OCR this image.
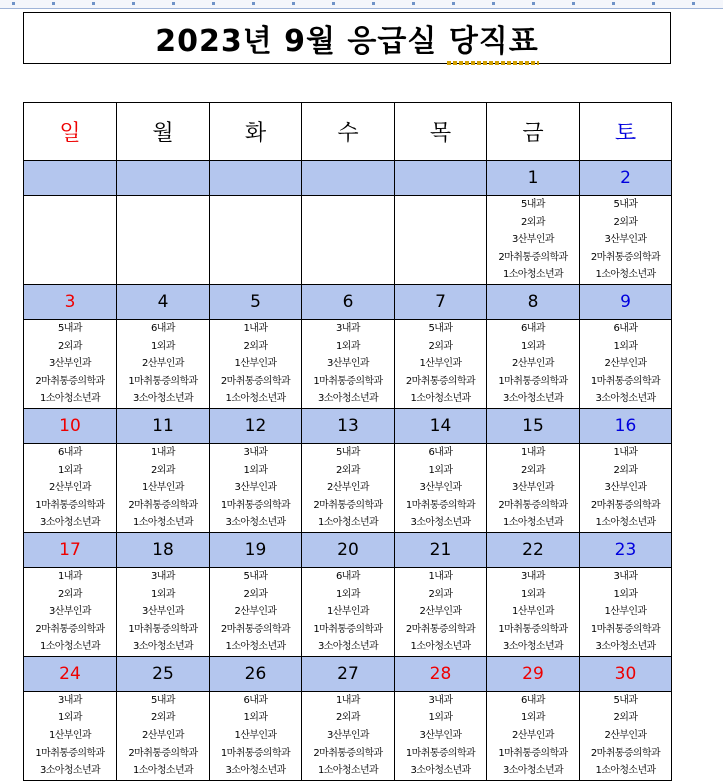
2023년 9월 응급실 당직표
일	월	화	수	목	금	토
					1	2

					5내과
2외과
3산부인과
2마취통증의학과
1소아청소년과	5내과
2외과
3산부인과
2마취통증의학과
1소아청소년과

3	4	5	6	7	8	9

5내과
2외과
3산부인과
2마취통증의학과
1소아청소년과	6내과
1외과
2산부인과
1마취통증의학과
3소아청소년과	1내과
2외과
1산부인과
2마취통증의학과
1소아청소년과	3내과
1외과
3산부인과
1마취통증의학과
3소아청소년과	5내과
2외과
1산부인과
2마취통증의학과
1소아청소년과	6내과
1외과
2산부인과
1마취통증의학과
3소아청소년과	6내과
1외과
2산부인과
1마취통증의학과
3소아청소년과

10	11	12	13	14	15	16

6내과
1외과
2산부인과
1마취통증의학과
3소아청소년과	1내과
2외과
1산부인과
2마취통증의학과
1소아청소년과	3내과
1외과
3산부인과
1마취통증의학과
3소아청소년과	5내과
2외과
2산부인과
2마취통증의학과
1소아청소년과	6내과
1외과
3산부인과
1마취통증의학과
3소아청소년과	1내과
2외과
3산부인과
2마취통증의학과
1소아청소년과	1내과
2외과
3산부인과
2마취통증의학과
1소아청소년과

17	18	19	20	21	22	23

1내과
2외과
3산부인과
2마취통증의학과
1소아청소년과	3내과
1외과
3산부인과
1마취통증의학과
3소아청소년과	5내과
2외과
2산부인과
2마취통증의학과
1소아청소년과	6내과
1외과
1산부인과
1마취통증의학과
3소아청소년과	1내과
2외과
2산부인과
2마취통증의학과
1소아청소년과	3내과
1외과
1산부인과
1마취통증의학과
3소아청소년과	3내과
1외과
1산부인과
1마취통증의학과
3소아청소년과

24	25	26	27	28	29	30

3내과
1외과
1산부인과
1마취통증의학과
3소아청소년과	5내과
2외과
2산부인과
2마취통증의학과
1소아청소년과	6내과
1외과
1산부인과
1마취통증의학과
3소아청소년과	1내과
2외과
3산부인과
2마취통증의학과
1소아청소년과	3내과
1외과
3산부인과
1마취통증의학과
3소아청소년과	6내과
1외과
2산부인과
1마취통증의학과
3소아청소년과	5내과
2외과
2산부인과
2마취통증의학과
1소아청소년과
